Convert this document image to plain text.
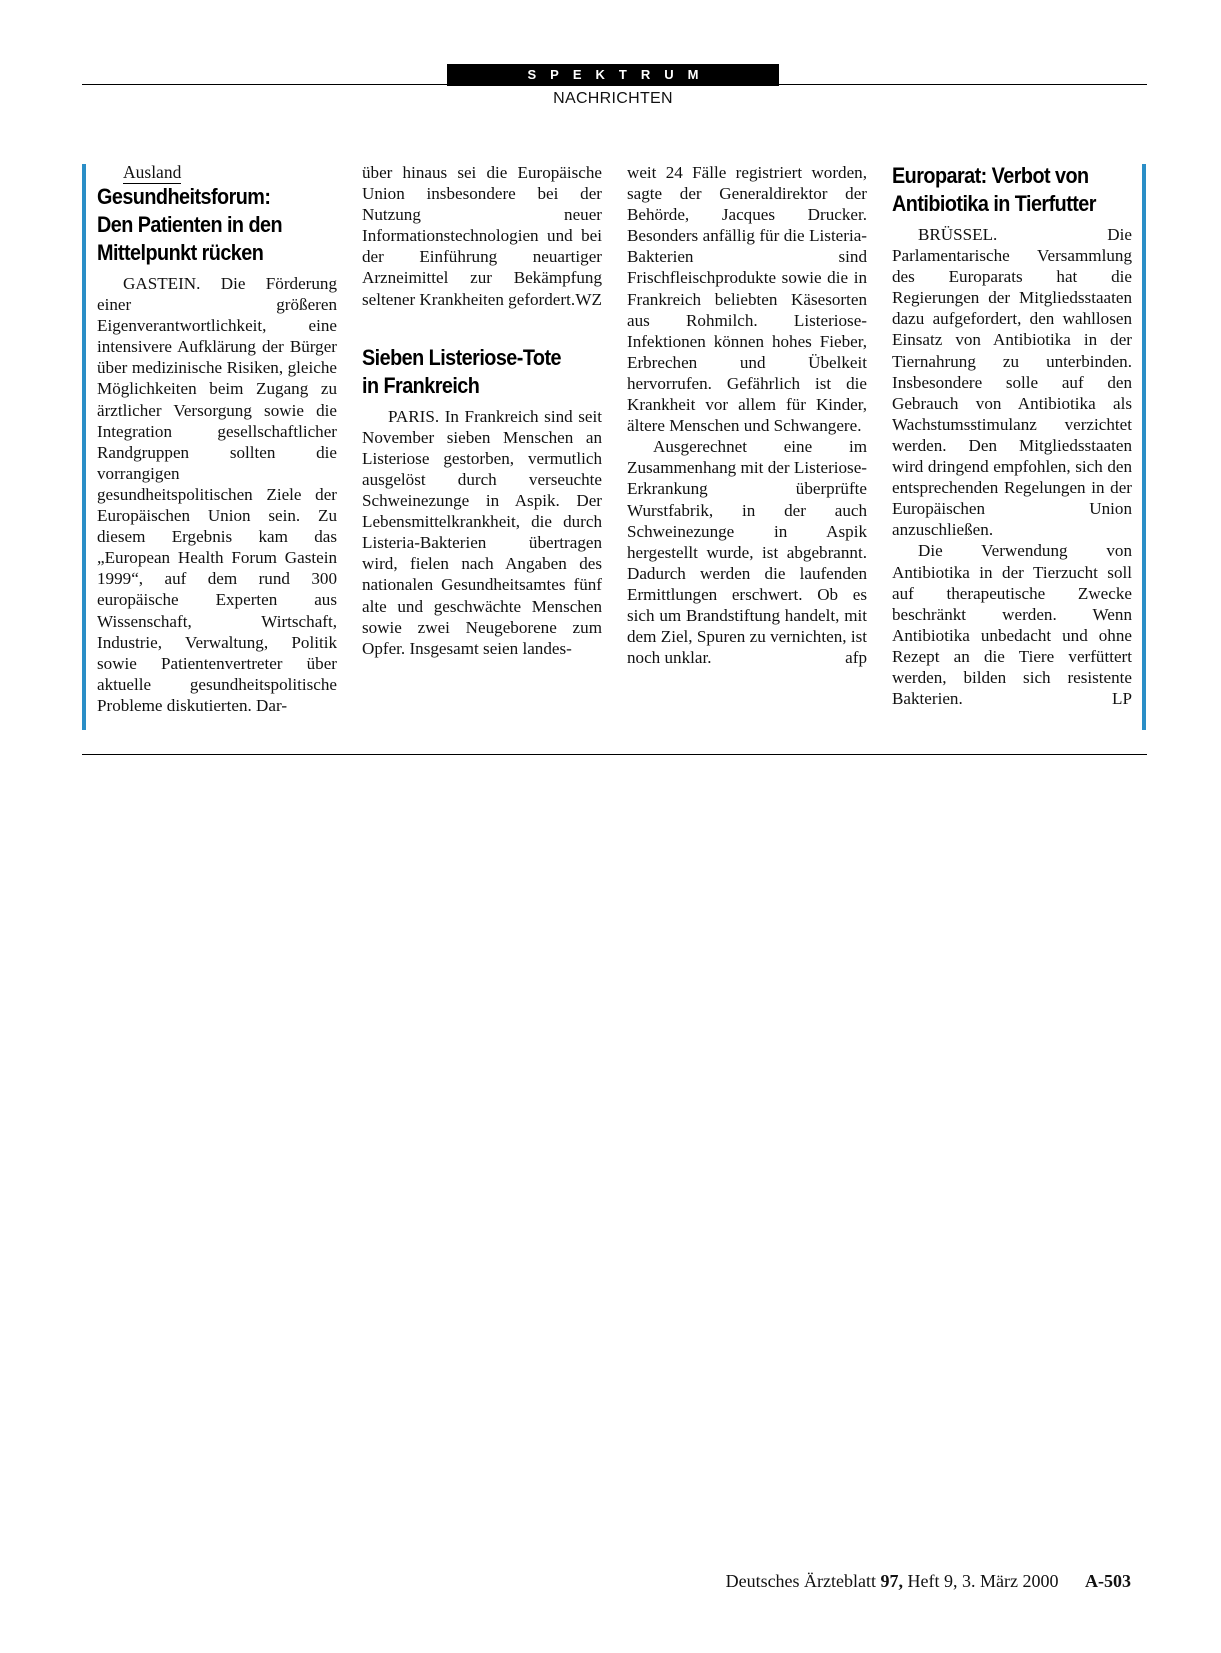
SPEKTRUM
NACHRICHTEN

Ausland

Gesundheitsforum:
Den Patienten in den
Mittelpunkt rücken

GASTEIN. Die Förderung einer größeren Eigenverantwortlichkeit, eine intensivere Aufklärung der Bürger über medizinische Risiken, gleiche Möglichkeiten beim Zugang zu ärztlicher Versorgung sowie die Integration gesellschaftlicher Randgruppen sollten die vorrangigen gesundheitspolitischen Ziele der Europäischen Union sein. Zu diesem Ergebnis kam das „European Health Forum Gastein 1999“, auf dem rund 300 europäische Experten aus Wissenschaft, Wirtschaft, Industrie, Verwaltung, Politik sowie Patientenvertreter über aktuelle gesundheitspolitische Probleme diskutierten. Dar-

über hinaus sei die Europäische Union insbesondere bei der Nutzung neuer Informationstechnologien und bei der Einführung neuartiger Arzneimittel zur Bekämpfung seltener Krankheiten gefordert. WZ

Sieben Listeriose-Tote
in Frankreich

PARIS. In Frankreich sind seit November sieben Menschen an Listeriose gestorben, vermutlich ausgelöst durch verseuchte Schweinezunge in Aspik. Der Lebensmittelkrankheit, die durch Listeria-Bakterien übertragen wird, fielen nach Angaben des nationalen Gesundheitsamtes fünf alte und geschwächte Menschen sowie zwei Neugeborene zum Opfer. Insgesamt seien landes-

weit 24 Fälle registriert worden, sagte der Generaldirektor der Behörde, Jacques Drucker. Besonders anfällig für die Listeria-Bakterien sind Frischfleischprodukte sowie die in Frankreich beliebten Käsesorten aus Rohmilch. Listeriose-Infektionen können hohes Fieber, Erbrechen und Übelkeit hervorrufen. Gefährlich ist die Krankheit vor allem für Kinder, ältere Menschen und Schwangere.

Ausgerechnet eine im Zusammenhang mit der Listeriose-Erkrankung überprüfte Wurstfabrik, in der auch Schweinezunge in Aspik hergestellt wurde, ist abgebrannt. Dadurch werden die laufenden Ermittlungen erschwert. Ob es sich um Brandstiftung handelt, mit dem Ziel, Spuren zu vernichten, ist noch unklar.	afp

Europarat: Verbot von
Antibiotika in Tierfutter

BRÜSSEL. Die Parlamentarische Versammlung des Europarats hat die Regierungen der Mitgliedsstaaten dazu aufgefordert, den wahllosen Einsatz von Antibiotika in der Tiernahrung zu unterbinden. Insbesondere solle auf den Gebrauch von Antibiotika als Wachstumsstimulanz verzichtet werden. Den Mitgliedsstaaten wird dringend empfohlen, sich den entsprechenden Regelungen in der Europäischen Union anzuschließen.

Die Verwendung von Antibiotika in der Tierzucht soll auf therapeutische Zwecke beschränkt werden. Wenn Antibiotika unbedacht und ohne Rezept an die Tiere verfüttert werden, bilden sich resistente Bakterien.	LP

Deutsches Ärzteblatt 97, Heft 9, 3. März 2000 A-503
